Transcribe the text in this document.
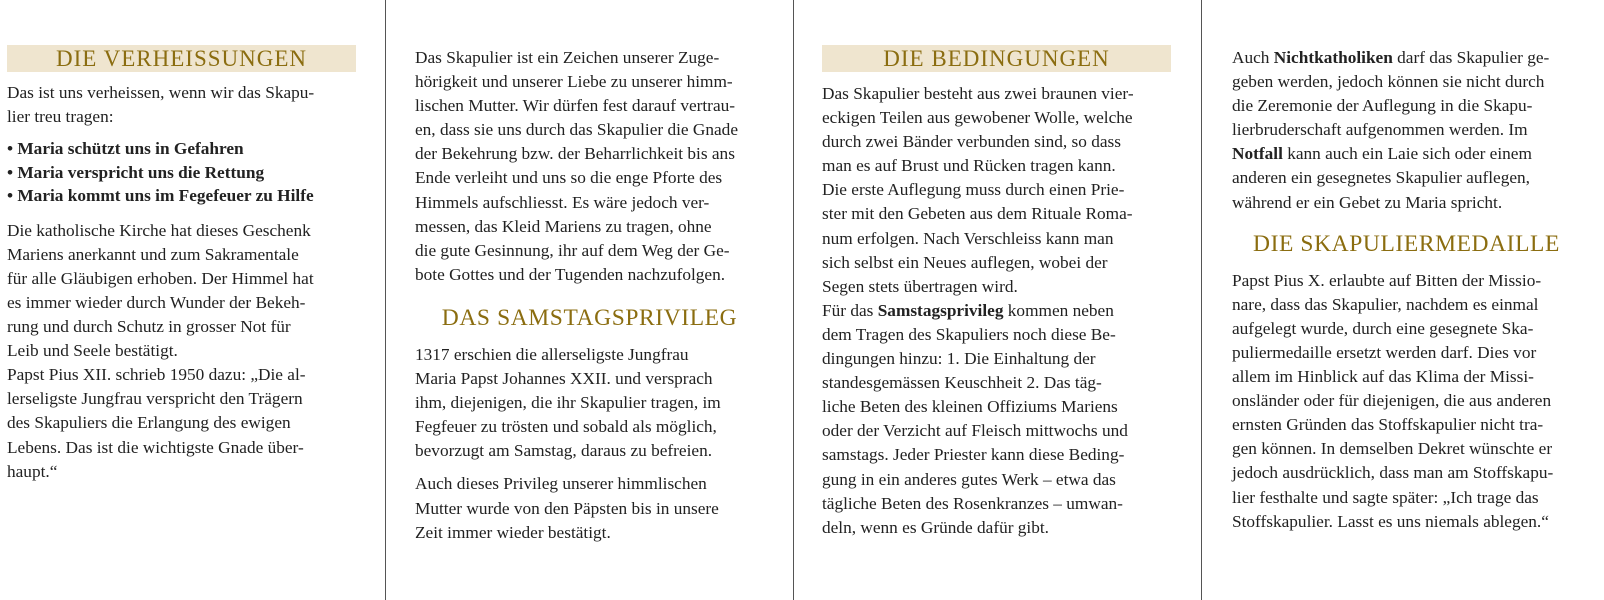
DIE VERHEISSUNGEN

Das ist uns verheissen, wenn wir das Skapu-

lier treu tragen:

• Maria schützt uns in Gefahren

• Maria verspricht uns die Rettung

• Maria kommt uns im Fegefeuer zu Hilfe

Die katholische Kirche hat dieses Geschenk

Mariens anerkannt und zum Sakramentale

für alle Gläubigen erhoben. Der Himmel hat

es immer wieder durch Wunder der Bekeh-

rung und durch Schutz in grosser Not für

Leib und Seele bestätigt.

Papst Pius XII. schrieb 1950 dazu: „Die al-

lerseligste Jungfrau verspricht den Trägern

des Skapuliers die Erlangung des ewigen

Lebens. Das ist die wichtigste Gnade über-

haupt.“

Das Skapulier ist ein Zeichen unserer Zuge-

hörigkeit und unserer Liebe zu unserer himm-

lischen Mutter. Wir dürfen fest darauf vertrau-

en, dass sie uns durch das Skapulier die Gnade

der Bekehrung bzw. der Beharrlichkeit bis ans

Ende verleiht und uns so die enge Pforte des

Himmels aufschliesst. Es wäre jedoch ver-

messen, das Kleid Mariens zu tragen, ohne

die gute Gesinnung, ihr auf dem Weg der Ge-

bote Gottes und der Tugenden nachzufolgen.

DAS SAMSTAGSPRIVILEG

1317 erschien die allerseligste Jungfrau

Maria Papst Johannes XXII. und versprach

ihm, diejenigen, die ihr Skapulier tragen, im

Fegfeuer zu trösten und sobald als möglich,

bevorzugt am Samstag, daraus zu befreien.

Auch dieses Privileg unserer himmlischen

Mutter wurde von den Päpsten bis in unsere

Zeit immer wieder bestätigt.

DIE BEDINGUNGEN

Das Skapulier besteht aus zwei braunen vier-

eckigen Teilen aus gewobener Wolle, welche

durch zwei Bänder verbunden sind, so dass

man es auf Brust und Rücken tragen kann.

Die erste Auflegung muss durch einen Prie-

ster mit den Gebeten aus dem Rituale Roma-

num erfolgen. Nach Verschleiss kann man

sich selbst ein Neues auflegen, wobei der

Segen stets übertragen wird.

Für das Samstagsprivileg kommen neben

dem Tragen des Skapuliers noch diese Be-

dingungen hinzu: 1. Die Einhaltung der

standesgemässen Keuschheit 2. Das täg-

liche Beten des kleinen Offiziums Mariens

oder der Verzicht auf Fleisch mittwochs und

samstags. Jeder Priester kann diese Beding-

gung in ein anderes gutes Werk – etwa das

tägliche Beten des Rosenkranzes – umwan-

deln, wenn es Gründe dafür gibt.

Auch Nichtkatholiken darf das Skapulier ge-

geben werden, jedoch können sie nicht durch

die Zeremonie der Auflegung in die Skapu-

lierbruderschaft aufgenommen werden. Im

Notfall kann auch ein Laie sich oder einem

anderen ein gesegnetes Skapulier auflegen,

während er ein Gebet zu Maria spricht.

DIE SKAPULIERMEDAILLE

Papst Pius X. erlaubte auf Bitten der Missio-

nare, dass das Skapulier, nachdem es einmal

aufgelegt wurde, durch eine gesegnete Ska-

puliermedaille ersetzt werden darf. Dies vor

allem im Hinblick auf das Klima der Missi-

onsländer oder für diejenigen, die aus anderen

ernsten Gründen das Stoffskapulier nicht tra-

gen können. In demselben Dekret wünschte er

jedoch ausdrücklich, dass man am Stoffskapu-

lier festhalte und sagte später: „Ich trage das

Stoffskapulier. Lasst es uns niemals ablegen.“
